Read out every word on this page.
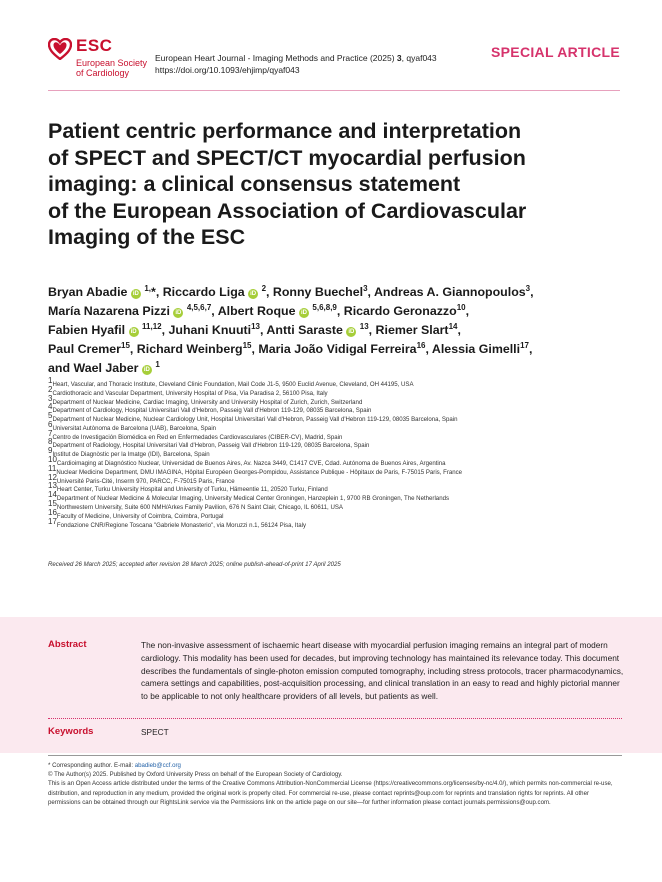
ESC
European Society
of Cardiology
European Heart Journal - Imaging Methods and Practice (2025) 3, qyaf043
https://doi.org/10.1093/ehjimp/qyaf043
SPECIAL ARTICLE
Patient centric performance and interpretation
of SPECT and SPECT/CT myocardial perfusion
imaging: a clinical consensus statement
of the European Association of Cardiovascular
Imaging of the ESC
Bryan Abadie iD $^{1,}$*, Riccardo Liga iD $^2$, Ronny Buechel$^3$, Andreas A. Giannopoulos$^3$,
María Nazarena Pizzi iD $^{4,5,6,7}$, Albert Roque iD $^{5,6,8,9}$, Ricardo Geronazzo$^{10}$,
Fabien Hyafil iD $^{11,12}$, Juhani Knuuti$^{13}$, Antti Saraste iD $^{13}$, Riemer Slart$^{14}$,
Paul Cremer$^{15}$, Richard Weinberg$^{15}$, Maria João Vidigal Ferreira$^{16}$, Alessia Gimelli$^{17}$,
and Wael Jaber iD $^1$
$^1$Heart, Vascular, and Thoracic Institute, Cleveland Clinic Foundation, Mail Code J1-5, 9500 Euclid Avenue, Cleveland, OH 44195, USA
$^2$Cardiothoracic and Vascular Department, University Hospital of Pisa, Via Paradisa 2, 56100 Pisa, Italy
$^3$Department of Nuclear Medicine, Cardiac Imaging, University and University Hospital of Zurich, Zurich, Switzerland
$^4$Department of Cardiology, Hospital Universitari Vall d'Hebron, Passeig Vall d'Hebron 119-129, 08035 Barcelona, Spain
$^5$Department of Nuclear Medicine, Nuclear Cardiology Unit, Hospital Universitari Vall d'Hebron, Passeig Vall d'Hebron 119-129, 08035 Barcelona, Spain
$^6$Universitat Autònoma de Barcelona (UAB), Barcelona, Spain
$^7$Centro de Investigación Biomédica en Red en Enfermedades Cardiovasculares (CIBER-CV), Madrid, Spain
$^8$Department of Radiology, Hospital Universitari Vall d'Hebron, Passeig Vall d'Hebron 119-129, 08035 Barcelona, Spain
$^9$Institut de Diagnòstic per la Imatge (IDI), Barcelona, Spain
$^{10}$Cardioimaging at Diagnóstico Nuclear, Universidad de Buenos Aires, Av. Nazca 3449, C1417 CVE, Cdad. Autónoma de Buenos Aires, Argentina
$^{11}$Nuclear Medicine Department, DMU IMAGINA, Hôpital Européen Georges-Pompidou, Assistance Publique - Hôpitaux de Paris, F-75015 Paris, France
$^{12}$Université Paris-Cité, Inserm 970, PARCC, F-75015 Paris, France
$^{13}$Heart Center, Turku University Hospital and University of Turku, Hämeentie 11, 20520 Turku, Finland
$^{14}$Department of Nuclear Medicine & Molecular Imaging, University Medical Center Groningen, Hanzeplein 1, 9700 RB Groningen, The Netherlands
$^{15}$Northwestern University, Suite 600 NMH/Arkes Family Pavilion, 676 N Saint Clair, Chicago, IL 60611, USA
$^{16}$Faculty of Medicine, University of Coimbra, Coimbra, Portugal
$^{17}$Fondazione CNR/Regione Toscana "Gabriele Monasterio", via Moruzzi n.1, 56124 Pisa, Italy
Received 26 March 2025; accepted after revision 28 March 2025; online publish-ahead-of-print 17 April 2025
Abstract	The non-invasive assessment of ischaemic heart disease with myocardial perfusion imaging remains an integral part of modern cardiology. This modality has been used for decades, but improving technology has maintained its relevance today. This document describes the fundamentals of single-photon emission computed tomography, including stress protocols, tracer pharmacodynamics, camera settings and capabilities, post-acquisition processing, and clinical translation in an easy to read and highly pictorial manner to be applicable to not only healthcare providers of all levels, but patients as well.

Keywords	SPECT
* Corresponding author. E-mail: abadieb@ccf.org
© The Author(s) 2025. Published by Oxford University Press on behalf of the European Society of Cardiology.
This is an Open Access article distributed under the terms of the Creative Commons Attribution-NonCommercial License (https://creativecommons.org/licenses/by-nc/4.0/), which permits non-commercial re-use, distribution, and reproduction in any medium, provided the original work is properly cited. For commercial re-use, please contact reprints@oup.com for reprints and translation rights for reprints. All other permissions can be obtained through our RightsLink service via the Permissions link on the article page on our site—for further information please contact journals.permissions@oup.com.
